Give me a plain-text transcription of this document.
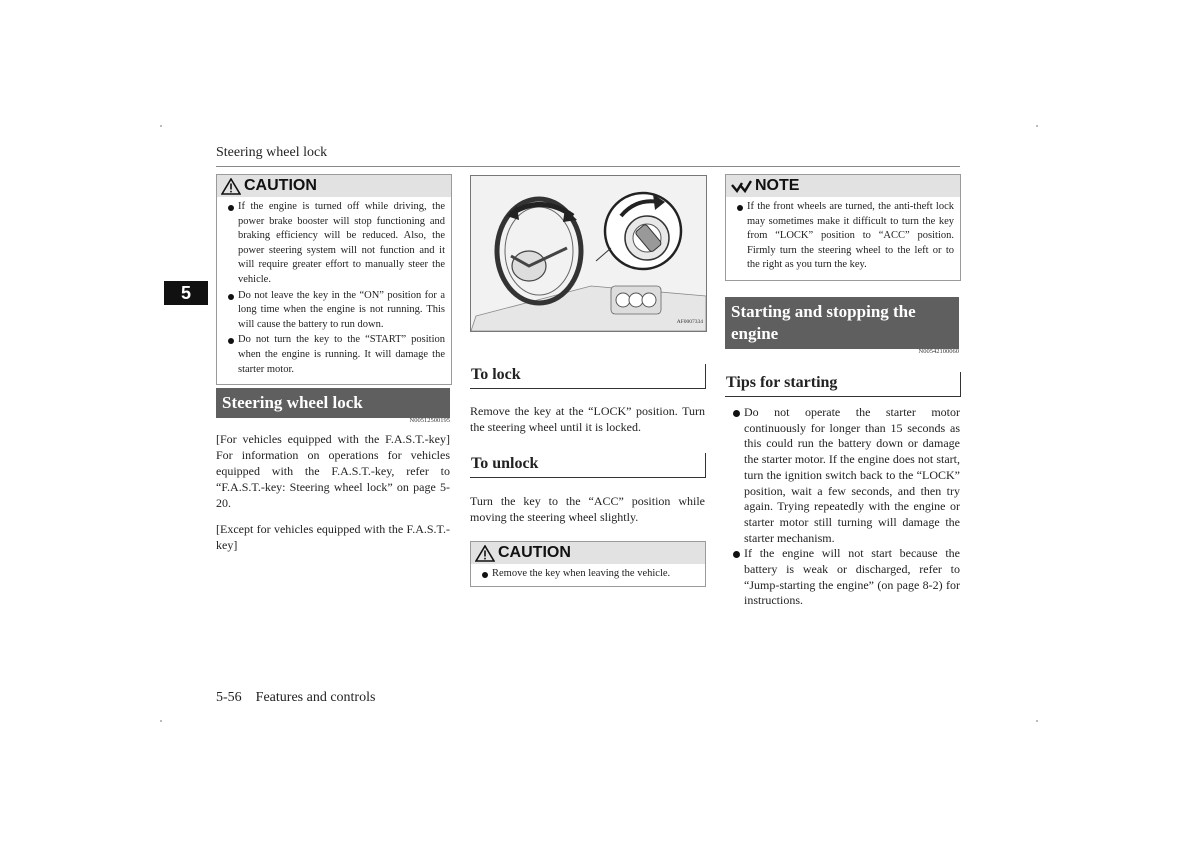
Steering wheel lock
5
CAUTION
If the engine is turned off while driving, the power brake booster will stop functioning and braking efficiency will be reduced. Also, the power steering system will not function and it will require greater effort to manually steer the vehicle.
Do not leave the key in the “ON” position for a long time when the engine is not running. This will cause the battery to run down.
Do not turn the key to the “START” position when the engine is running. It will damage the starter motor.
Steering wheel lock
N00512500195
[For vehicles equipped with the F.A.S.T.-key] For information on operations for vehicles equipped with the F.A.S.T.-key, refer to “F.A.S.T.-key: Steering wheel lock” on page 5-20.
[Except for vehicles equipped with the F.A.S.T.-key]
AF0007334
To lock
Remove the key at the “LOCK” position. Turn the steering wheel until it is locked.
To unlock
Turn the key to the “ACC” position while moving the steering wheel slightly.
CAUTION
Remove the key when leaving the vehicle.
NOTE
If the front wheels are turned, the anti-theft lock may sometimes make it difficult to turn the key from “LOCK” position to “ACC” position. Firmly turn the steering wheel to the left or to the right as you turn the key.
Starting and stopping the engine
N00542100060
Tips for starting
Do not operate the starter motor continuously for longer than 15 seconds as this could run the battery down or damage the starter motor. If the engine does not start, turn the ignition switch back to the “LOCK” position, wait a few seconds, and then try again. Trying repeatedly with the engine or starter motor still turning will damage the starter mechanism.
If the engine will not start because the battery is weak or discharged, refer to “Jump-starting the engine” (on page 8-2) for instructions.
5-56 Features and controls
